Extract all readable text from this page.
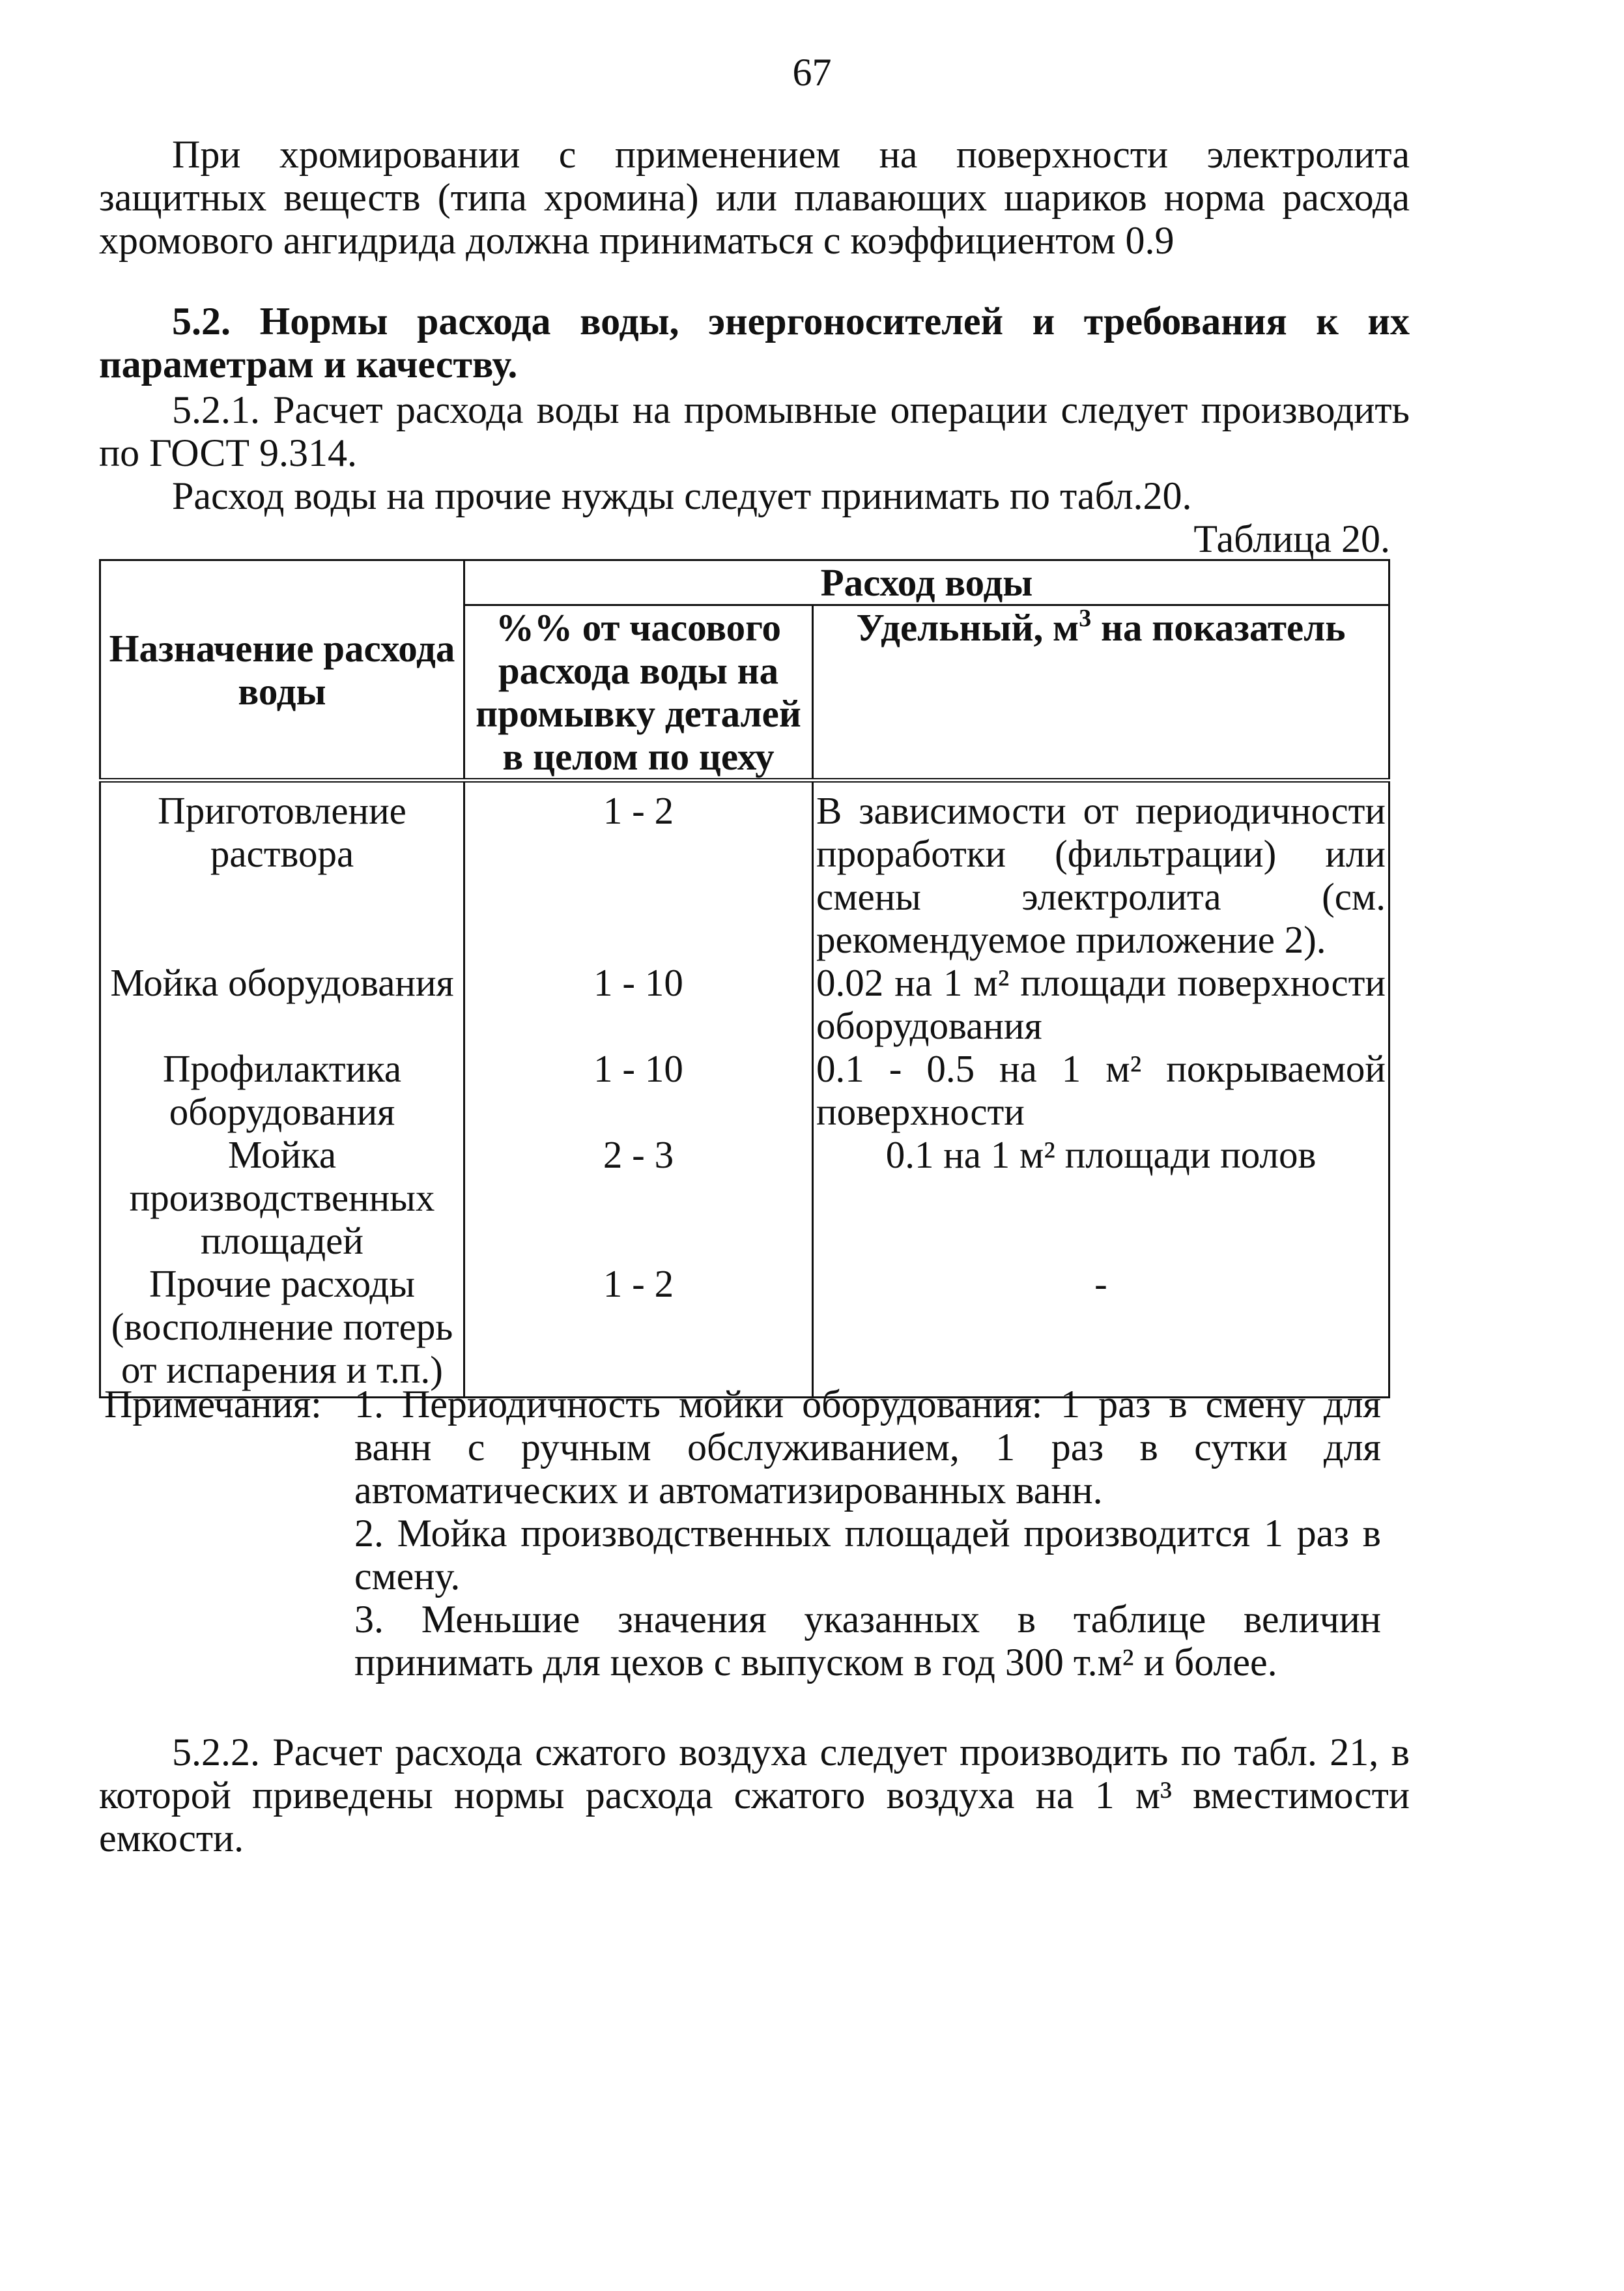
67
При хромировании с применением на поверхности электролита защитных веществ (типа хромина) или плавающих шариков норма расхода хромового ангидрида должна приниматься с коэффициентом 0.9
5.2. Нормы расхода воды, энергоносителей и требования к их параметрам и качеству.
5.2.1. Расчет расхода воды на промывные операции следует производить по ГОСТ 9.314.
Расход воды на прочие нужды следует принимать по табл.20.
Таблица 20.
Назначение расхода воды	Расход воды	
	%% от часового расхода воды на промывку деталей в целом по цеху	Удельный, $м^3$ на показатель
Приготовление раствора	1 - 2	В зависимости от периодичности проработки (фильтрации) или смены электролита (см. рекомендуемое приложение 2).
Мойка оборудования	1 - 10	0.02 на 1 м² площади поверхности оборудования
Профилактика оборудования	1 - 10	0.1 - 0.5 на 1 м² покрываемой поверхности
Мойка производственных площадей	2 - 3	0.1 на 1 м² площади полов
Прочие расходы (восполнение потерь от испарения и т.п.)	1 - 2	-
Примечания: 1. Периодичность мойки оборудования: 1 раз в смену для ванн с ручным обслуживанием, 1 раз в сутки для автоматических и автоматизированных ванн.
2. Мойка производственных площадей производится 1 раз в смену.
3. Меньшие значения указанных в таблице величин принимать для цехов с выпуском в год 300 т.м² и более.
5.2.2. Расчет расхода сжатого воздуха следует производить по табл. 21, в которой приведены нормы расхода сжатого воздуха на 1 м³ вместимости емкости.
